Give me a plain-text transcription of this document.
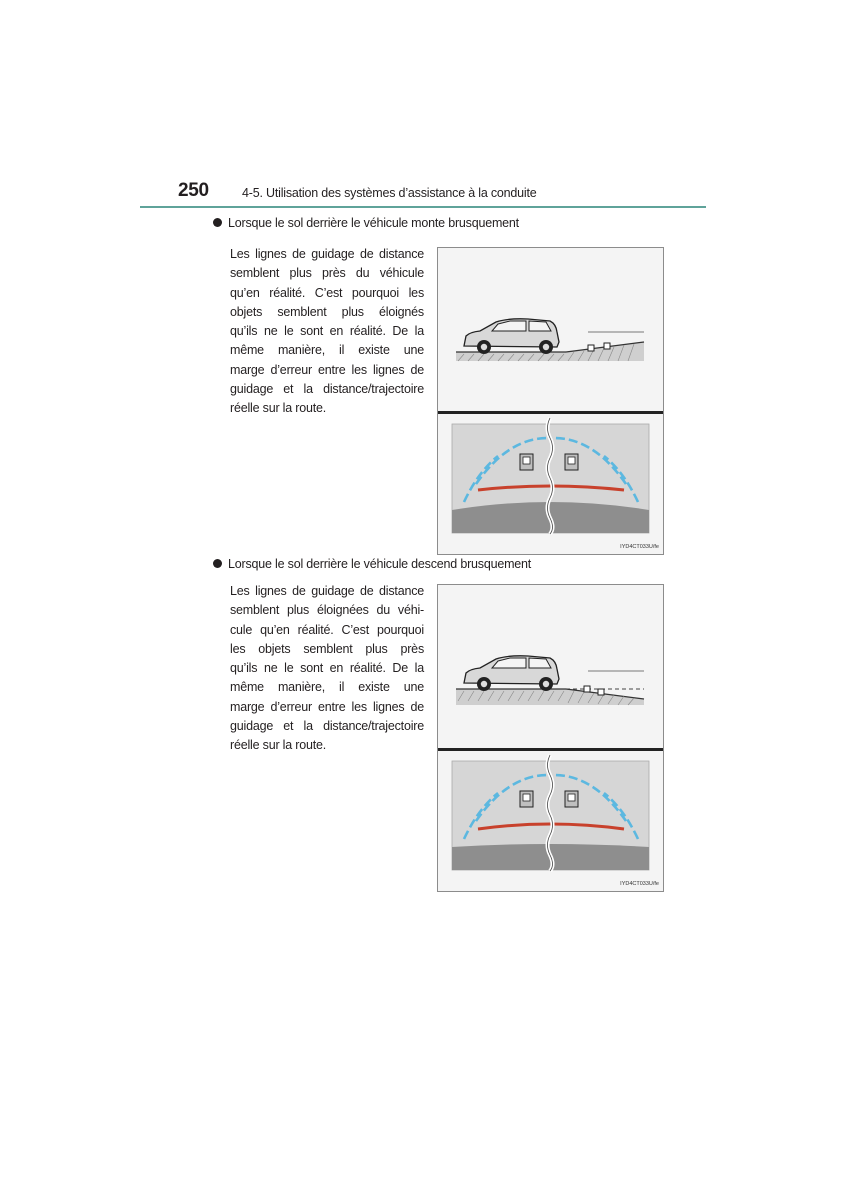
250	4-5. Utilisation des systèmes d’assistance à la conduite
Lorsque le sol derrière le véhicule monte brusquement
Les lignes de guidage de distance
semblent plus près du véhicule
qu’en réalité. C’est pourquoi les
objets semblent plus éloignés
qu’ils ne le sont en réalité. De la
même manière, il existe une
marge d’erreur entre les lignes de
guidage et la distance/trajectoire
réelle sur la route.
IYD4CT033U/fe
Lorsque le sol derrière le véhicule descend brusquement
Les lignes de guidage de distance
semblent plus éloignées du véhi-
cule qu’en réalité. C’est pourquoi
les objets semblent plus près
qu’ils ne le sont en réalité. De la
même manière, il existe une
marge d’erreur entre les lignes de
guidage et la distance/trajectoire
réelle sur la route.
IYD4CT033U/fe
